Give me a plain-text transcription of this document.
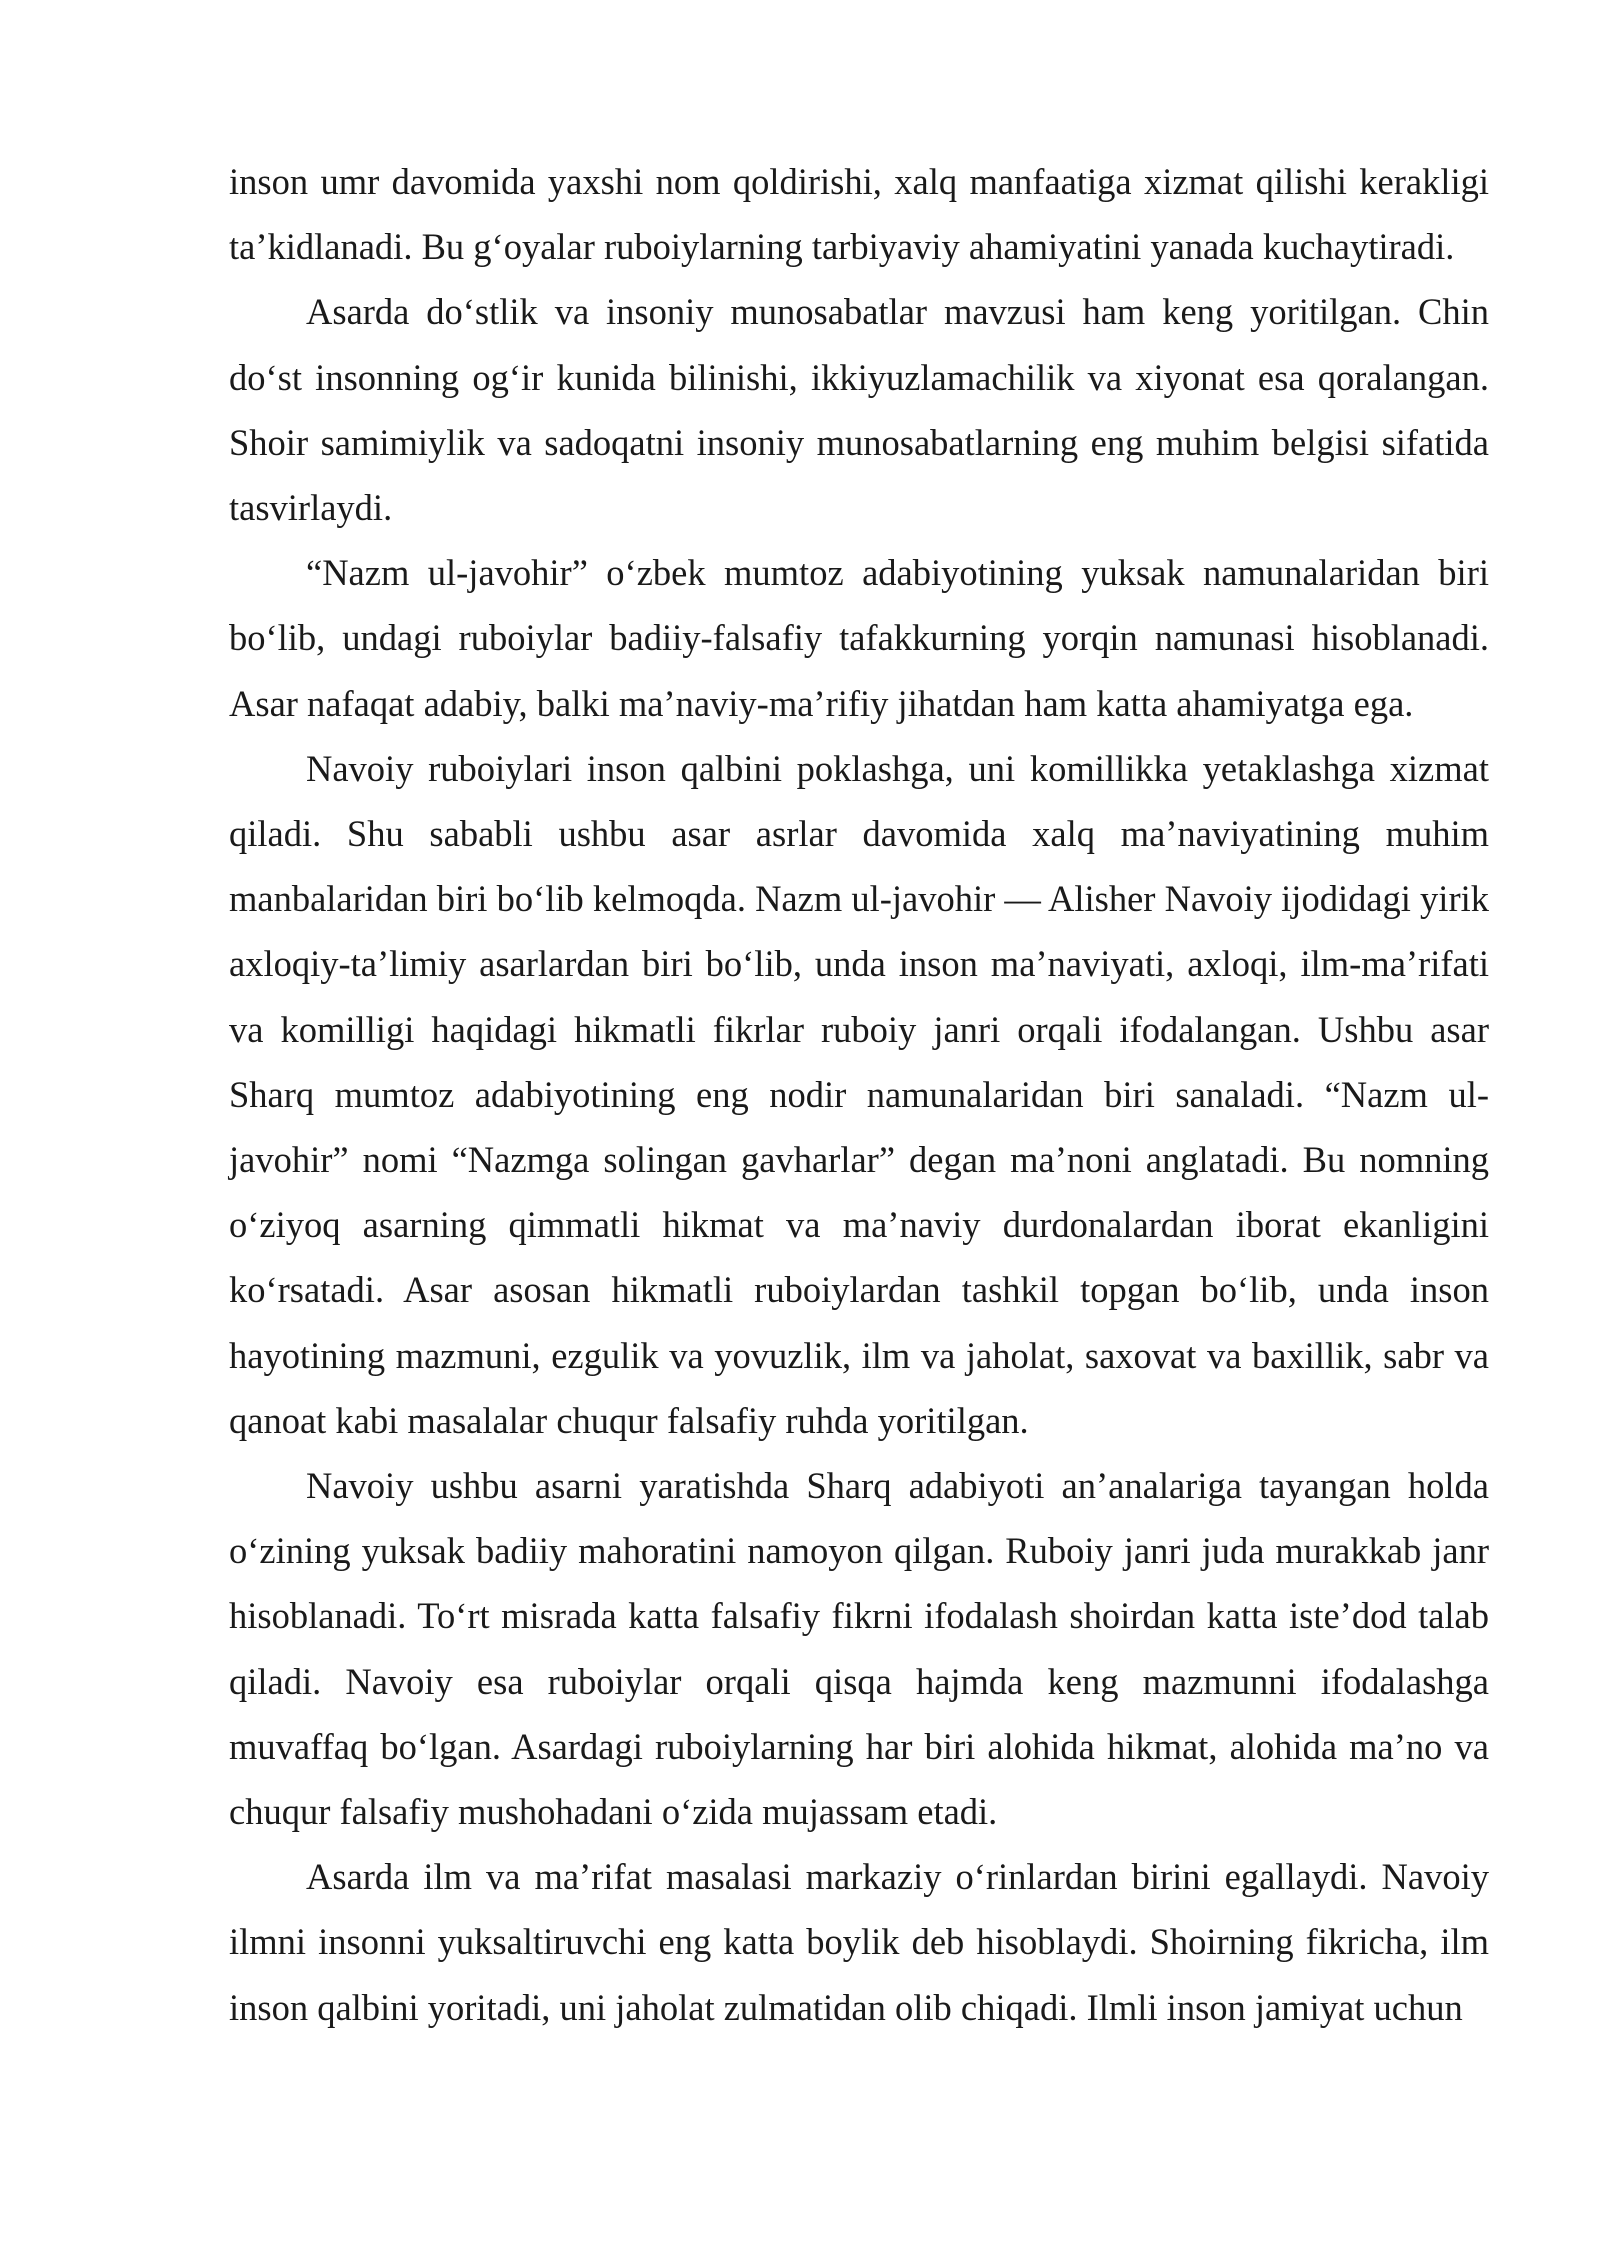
inson umr davomida yaxshi nom qoldirishi, xalq manfaatiga xizmat qilishi kerakligi ta’kidlanadi. Bu g‘oyalar ruboiylarning tarbiyaviy ahamiyatini yanada kuchaytiradi.

Asarda do‘stlik va insoniy munosabatlar mavzusi ham keng yoritilgan. Chin do‘st insonning og‘ir kunida bilinishi, ikkiyuzlamachilik va xiyonat esa qoralangan. Shoir samimiylik va sadoqatni insoniy munosabatlarning eng muhim belgisi sifatida tasvirlaydi.

“Nazm ul-javohir” o‘zbek mumtoz adabiyotining yuksak namunalaridan biri bo‘lib, undagi ruboiylar badiiy-falsafiy tafakkurning yorqin namunasi hisoblanadi. Asar nafaqat adabiy, balki ma’naviy-ma’rifiy jihatdan ham katta ahamiyatga ega.

Navoiy ruboiylari inson qalbini poklashga, uni komillikka yetaklashga xizmat qiladi. Shu sababli ushbu asar asrlar davomida xalq ma’naviyatining muhim manbalaridan biri bo‘lib kelmoqda. Nazm ul-javohir — Alisher Navoiy ijodidagi yirik axloqiy-ta’limiy asarlardan biri bo‘lib, unda inson ma’naviyati, axloqi, ilm-ma’rifati va komilligi haqidagi hikmatli fikrlar ruboiy janri orqali ifodalangan. Ushbu asar Sharq mumtoz adabiyotining eng nodir namunalaridan biri sanaladi. “Nazm ul-javohir” nomi “Nazmga solingan gavharlar” degan ma’noni anglatadi. Bu nomning o‘ziyoq asarning qimmatli hikmat va ma’naviy durdonalardan iborat ekanligini ko‘rsatadi. Asar asosan hikmatli ruboiylardan tashkil topgan bo‘lib, unda inson hayotining mazmuni, ezgulik va yovuzlik, ilm va jaholat, saxovat va baxillik, sabr va qanoat kabi masalalar chuqur falsafiy ruhda yoritilgan.

Navoiy ushbu asarni yaratishda Sharq adabiyoti an’analariga tayangan holda o‘zining yuksak badiiy mahoratini namoyon qilgan. Ruboiy janri juda murakkab janr hisoblanadi. To‘rt misrada katta falsafiy fikrni ifodalash shoirdan katta iste’dod talab qiladi. Navoiy esa ruboiylar orqali qisqa hajmda keng mazmunni ifodalashga muvaffaq bo‘lgan. Asardagi ruboiylarning har biri alohida hikmat, alohida ma’no va chuqur falsafiy mushohadani o‘zida mujassam etadi.

Asarda ilm va ma’rifat masalasi markaziy o‘rinlardan birini egallaydi. Navoiy ilmni insonni yuksaltiruvchi eng katta boylik deb hisoblaydi. Shoirning fikricha, ilm inson qalbini yoritadi, uni jaholat zulmatidan olib chiqadi. Ilmli inson jamiyat uchun
